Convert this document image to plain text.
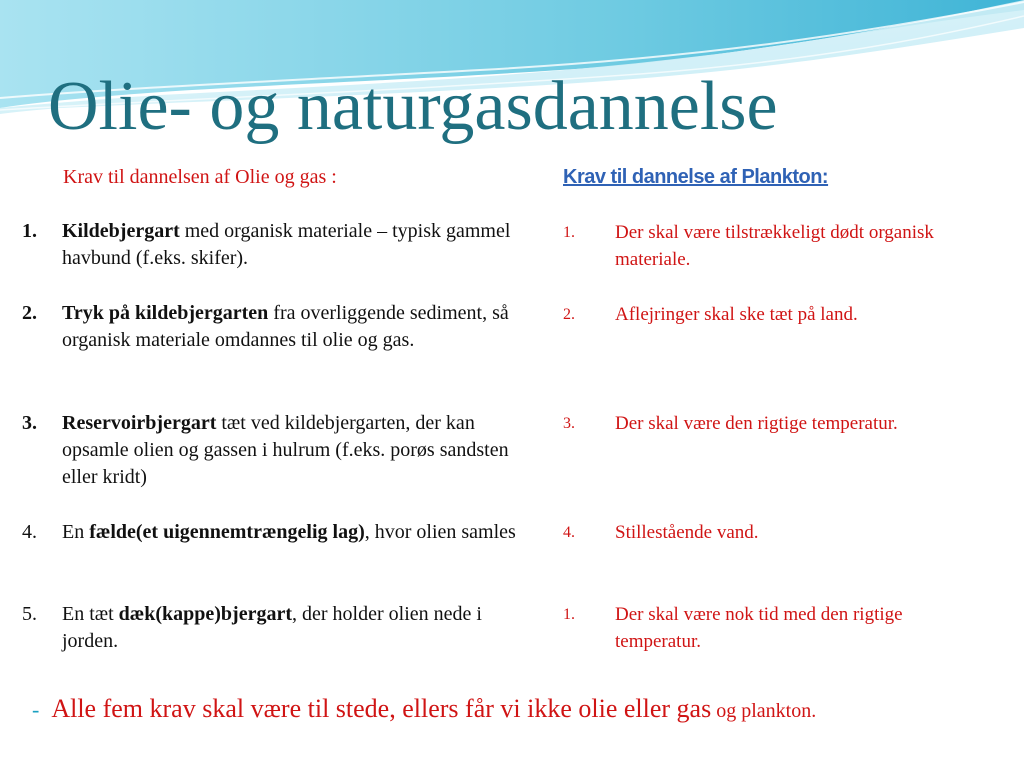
Olie- og naturgasdannelse
Krav til dannelsen af Olie og gas :	Krav til dannelse af Plankton:
1. Kildebjergart med organisk materiale – typisk gammel havbund (f.eks. skifer).
2. Tryk på kildebjergarten fra overliggende sediment, så organisk materiale omdannes til olie og gas.
3. Reservoirbjergart tæt ved kildebjergarten, der kan opsamle olien og gassen i hulrum (f.eks. porøs sandsten eller kridt)
4. En fælde(et uigennemtrængelig lag), hvor olien samles
5. En tæt dæk(kappe)bjergart, der holder olien nede i jorden.
1. Der skal være tilstrækkeligt dødt organisk materiale.
2. Aflejringer skal ske tæt på land.
3. Der skal være den rigtige temperatur.
4. Stillestående vand.
1. Der skal være nok tid med den rigtige temperatur.
- Alle fem krav skal være til stede, ellers får vi ikke olie eller gas og plankton.
